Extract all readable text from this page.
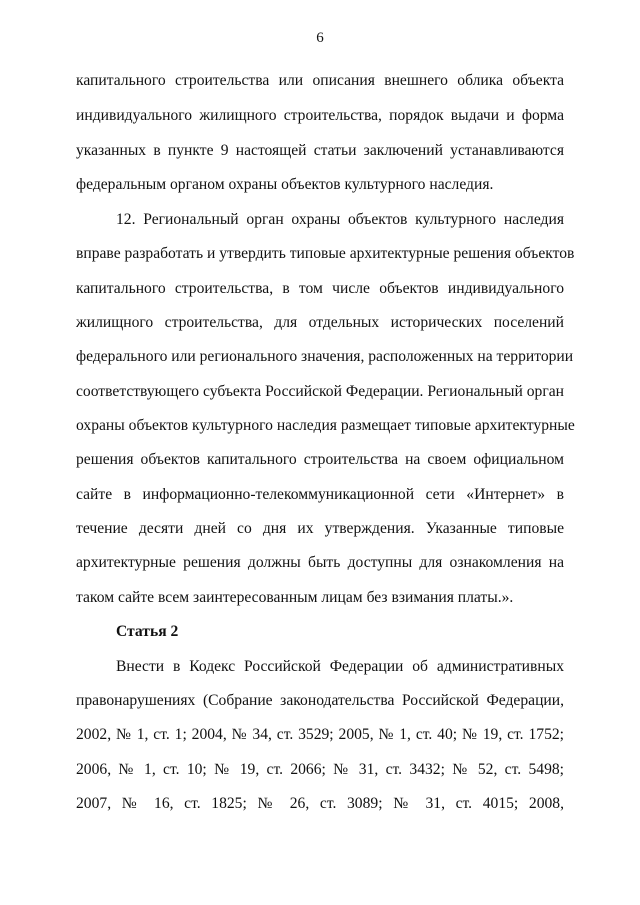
6
капитального строительства или описания внешнего облика объекта
индивидуального жилищного строительства, порядок выдачи и форма
указанных в пункте 9 настоящей статьи заключений устанавливаются
федеральным органом охраны объектов культурного наследия.
12. Региональный орган охраны объектов культурного наследия
вправе разработать и утвердить типовые архитектурные решения объектов
капитального строительства, в том числе объектов индивидуального
жилищного строительства, для отдельных исторических поселений
федерального или регионального значения, расположенных на территории
соответствующего субъекта Российской Федерации. Региональный орган
охраны объектов культурного наследия размещает типовые архитектурные
решения объектов капитального строительства на своем официальном
сайте в информационно-телекоммуникационной сети «Интернет» в
течение десяти дней со дня их утверждения. Указанные типовые
архитектурные решения должны быть доступны для ознакомления на
таком сайте всем заинтересованным лицам без взимания платы.».
Статья 2
Внести в Кодекс Российской Федерации об административных
правонарушениях (Собрание законодательства Российской Федерации,
2002, № 1, ст. 1; 2004, № 34, ст. 3529; 2005, № 1, ст. 40; № 19, ст. 1752;
2006, № 1, ст. 10; № 19, ст. 2066; № 31, ст. 3432; № 52, ст. 5498;
2007, № 16, ст. 1825; № 26, ст. 3089; № 31, ст. 4015; 2008,
